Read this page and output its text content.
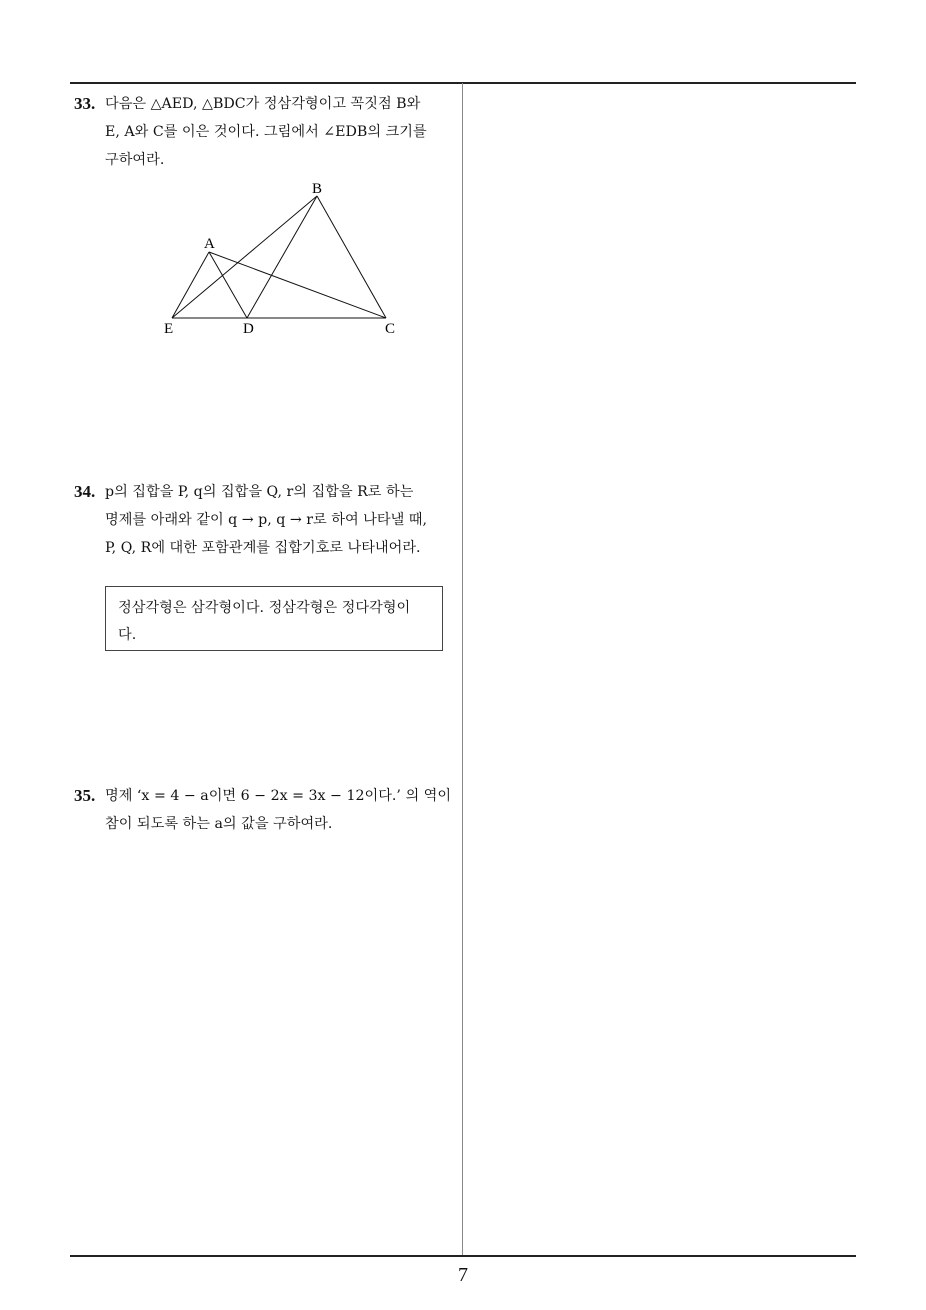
33. 다음은 △AED, △BDC가 정삼각형이고 꼭짓점 B와
E, A와 C를 이은 것이다. 그림에서 ∠EDB의 크기를
구하여라.
A
B
C
D
E
34. p의 집합을 P, q의 집합을 Q, r의 집합을 R로 하는
명제를 아래와 같이 q → p, q → r로 하여 나타낼 때,
P, Q, R에 대한 포함관계를 집합기호로 나타내어라.
정삼각형은 삼각형이다. 정삼각형은 정다각형이
다.
35. 명제 ‘x = 4 − a이면 6 − 2x = 3x − 12이다.’ 의 역이
참이 되도록 하는 a의 값을 구하여라.
7
